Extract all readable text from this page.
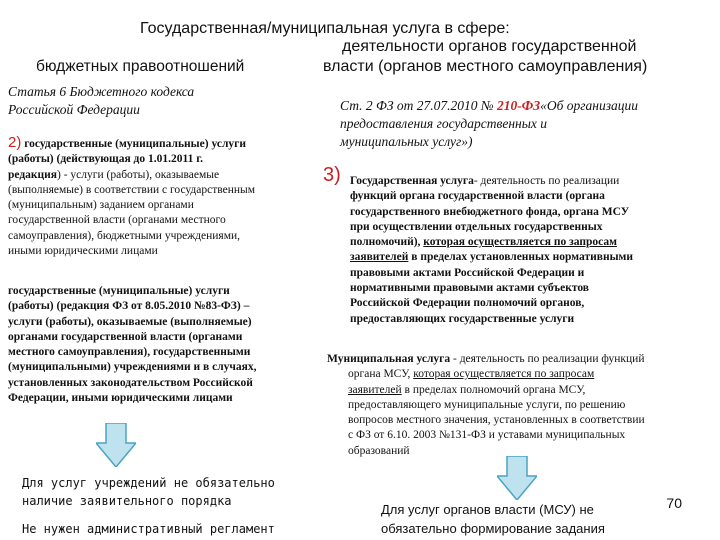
Государственная/муниципальная услуга в сфере:
бюджетных правоотношений
деятельности органов государственной
власти (органов местного самоуправления)
Статья 6 Бюджетного кодекса
Российской Федерации	Ст. 2 ФЗ от 27.07.2010 № 210-ФЗ«Об организации
предоставления государственных и
муниципальных услуг»)
2) государственные (муниципальные) услуги
(работы) (действующая до 1.01.2011 г.
редакция) - услуги (работы), оказываемые
(выполняемые) в соответствии с государственным
(муниципальным) заданием органами
государственной власти (органами местного
самоуправления), бюджетными учреждениями,
иными юридическими лицами
государственные (муниципальные) услуги
(работы) (редакция ФЗ от 8.05.2010 №83-ФЗ) –
услуги (работы), оказываемые (выполняемые)
органами государственной власти (органами
местного самоуправления), государственными
(муниципальными) учреждениями и в случаях,
установленных законодательством Российской
Федерации, иными юридическими лицами
3) Государственная услуга- деятельность по реализации
функций органа государственной власти (органа
государственного внебюджетного фонда, органа МСУ
при осуществлении отдельных государственных
полномочий), которая осуществляется по запросам
заявителей в пределах установленных нормативными
правовыми актами Российской Федерации и
нормативными правовыми актами субъектов
Российской Федерации полномочий органов,
предоставляющих государственные услуги
Муниципальная услуга - деятельность по реализации функций
органа МСУ, которая осуществляется по запросам
заявителей в пределах полномочий органа МСУ,
предоставляющего муниципальные услуги, по решению
вопросов местного значения, установленных в соответствии
с ФЗ от 6.10. 2003 №131-ФЗ и уставами муниципальных
образований
Для услуг учреждений не обязательно
наличие заявительного порядка
Не нужен административный регламент
Для услуг органов власти (МСУ) не
обязательно формирование задания
70
